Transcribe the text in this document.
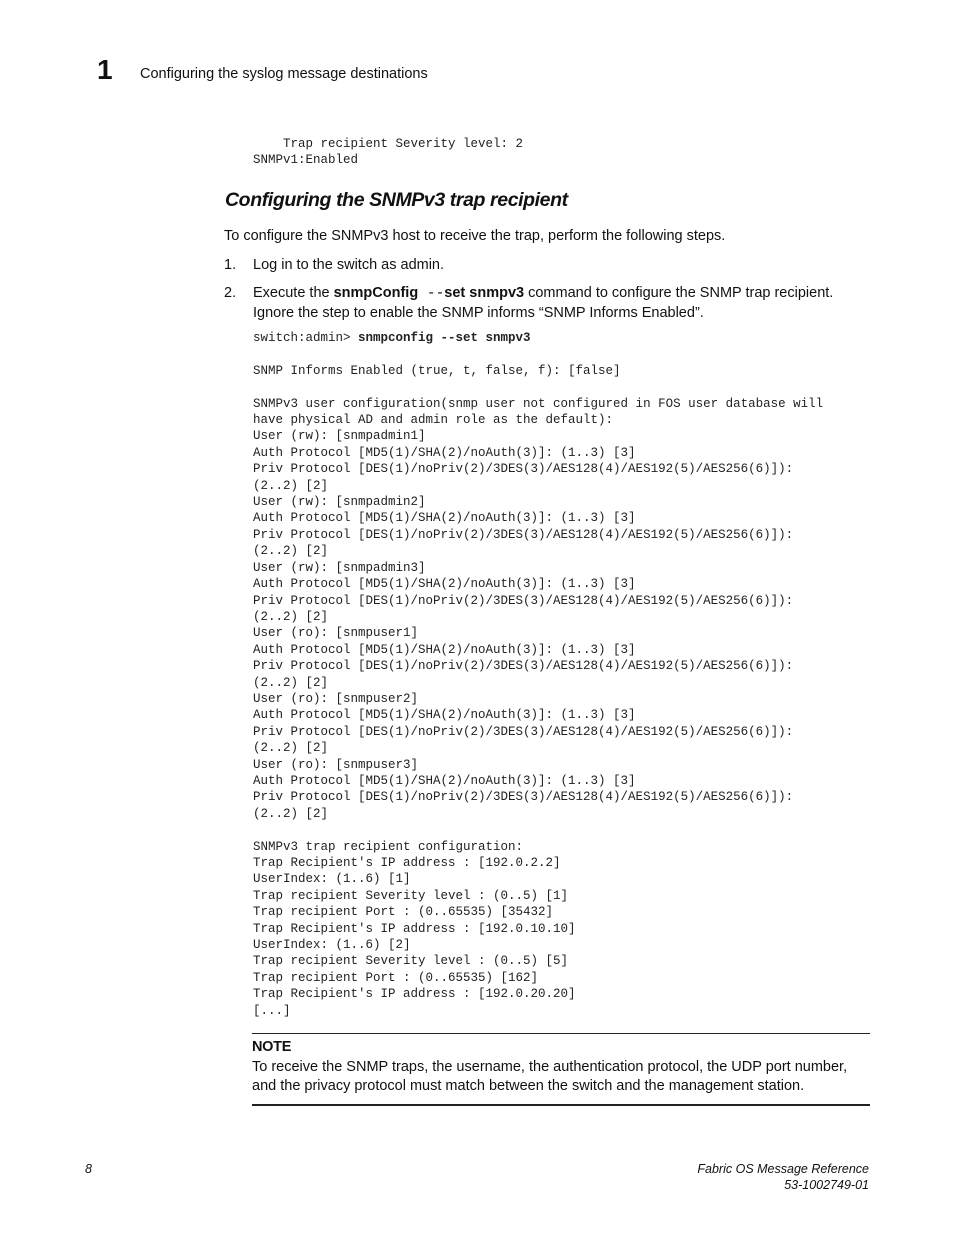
1 Configuring the syslog message destinations
Trap recipient Severity level: 2
SNMPv1:Enabled
Configuring the SNMPv3 trap recipient
To configure the SNMPv3 host to receive the trap, perform the following steps.
1. Log in to the switch as admin.
2. Execute the snmpConfig --set snmpv3 command to configure the SNMP trap recipient. Ignore the step to enable the SNMP informs “SNMP Informs Enabled”.
switch:admin> snmpconfig --set snmpv3

SNMP Informs Enabled (true, t, false, f): [false]

SNMPv3 user configuration(snmp user not configured in FOS user database will
have physical AD and admin role as the default):
User (rw): [snmpadmin1]
Auth Protocol [MD5(1)/SHA(2)/noAuth(3)]: (1..3) [3]
Priv Protocol [DES(1)/noPriv(2)/3DES(3)/AES128(4)/AES192(5)/AES256(6)]):
(2..2) [2]
User (rw): [snmpadmin2]
Auth Protocol [MD5(1)/SHA(2)/noAuth(3)]: (1..3) [3]
Priv Protocol [DES(1)/noPriv(2)/3DES(3)/AES128(4)/AES192(5)/AES256(6)]):
(2..2) [2]
User (rw): [snmpadmin3]
Auth Protocol [MD5(1)/SHA(2)/noAuth(3)]: (1..3) [3]
Priv Protocol [DES(1)/noPriv(2)/3DES(3)/AES128(4)/AES192(5)/AES256(6)]):
(2..2) [2]
User (ro): [snmpuser1]
Auth Protocol [MD5(1)/SHA(2)/noAuth(3)]: (1..3) [3]
Priv Protocol [DES(1)/noPriv(2)/3DES(3)/AES128(4)/AES192(5)/AES256(6)]):
(2..2) [2]
User (ro): [snmpuser2]
Auth Protocol [MD5(1)/SHA(2)/noAuth(3)]: (1..3) [3]
Priv Protocol [DES(1)/noPriv(2)/3DES(3)/AES128(4)/AES192(5)/AES256(6)]):
(2..2) [2]
User (ro): [snmpuser3]
Auth Protocol [MD5(1)/SHA(2)/noAuth(3)]: (1..3) [3]
Priv Protocol [DES(1)/noPriv(2)/3DES(3)/AES128(4)/AES192(5)/AES256(6)]):
(2..2) [2]

SNMPv3 trap recipient configuration:
Trap Recipient's IP address : [192.0.2.2]
UserIndex: (1..6) [1]
Trap recipient Severity level : (0..5) [1]
Trap recipient Port : (0..65535) [35432]
Trap Recipient's IP address : [192.0.10.10]
UserIndex: (1..6) [2]
Trap recipient Severity level : (0..5) [5]
Trap recipient Port : (0..65535) [162]
Trap Recipient's IP address : [192.0.20.20]
[...]
NOTE
To receive the SNMP traps, the username, the authentication protocol, the UDP port number, and the privacy protocol must match between the switch and the management station.
8	Fabric OS Message Reference
53-1002749-01
